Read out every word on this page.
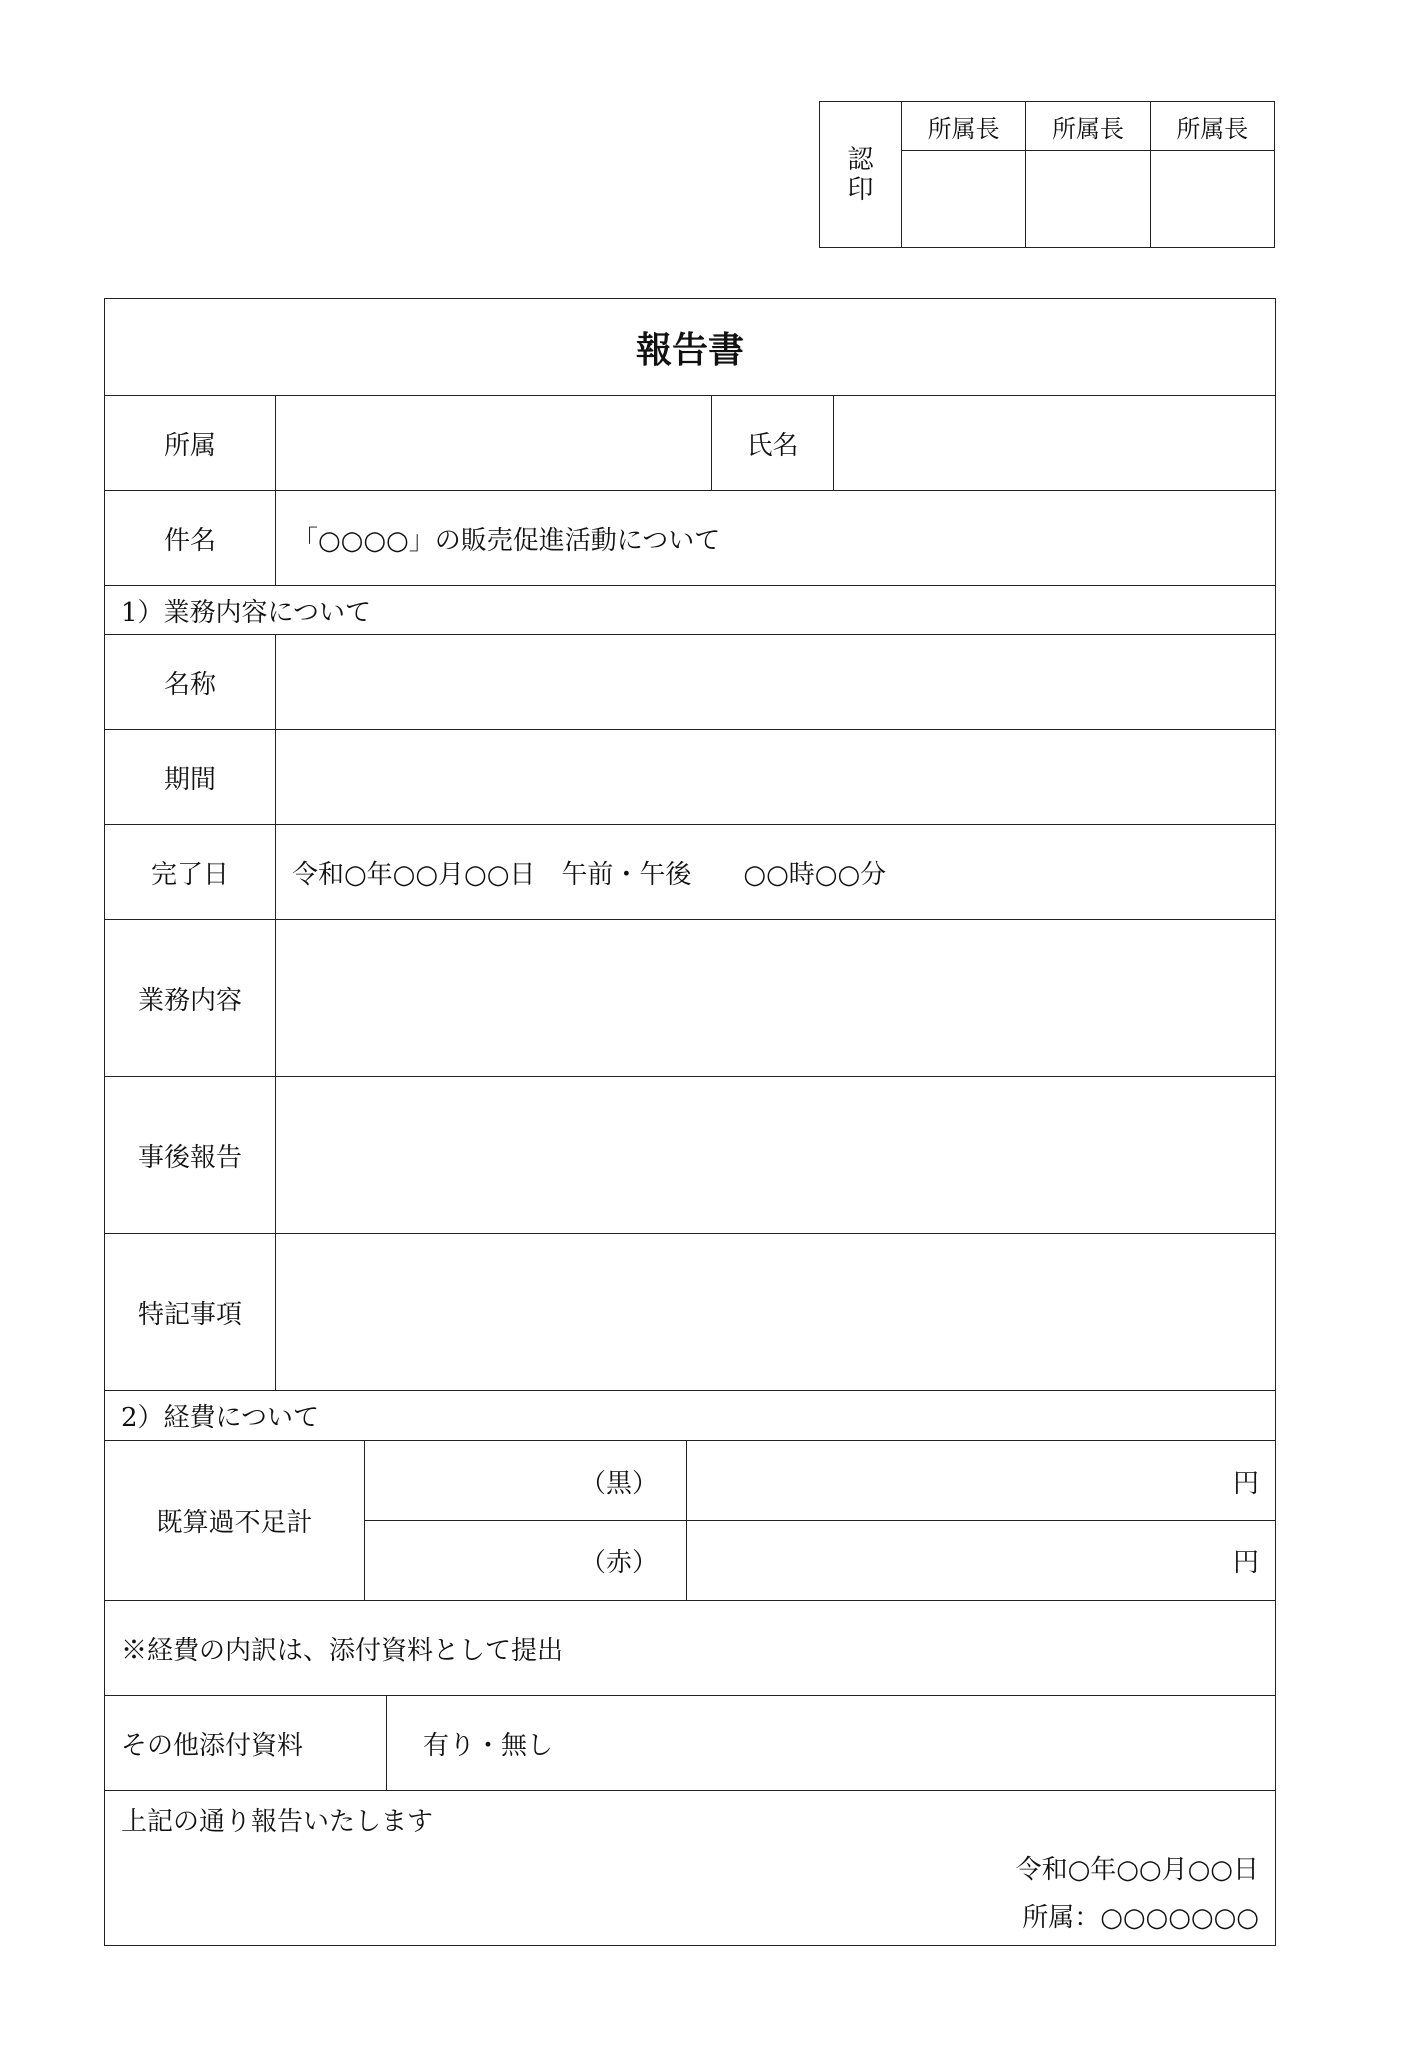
認
印
所属長	所属長	所属長
報告書
所属	氏名
件名	「○○○○」の販売促進活動について
1）業務内容について
名称
期間
完了日	令和○年○○月○○日　午前・午後　　○○時○○分
業務内容
事後報告
特記事項
2）経費について
既算過不足計
（黒）	円
（赤）	円
※経費の内訳は、添付資料として提出
その他添付資料	有り・無し
上記の通り報告いたします
令和○年○○月○○日
所属：○○○○○○○
